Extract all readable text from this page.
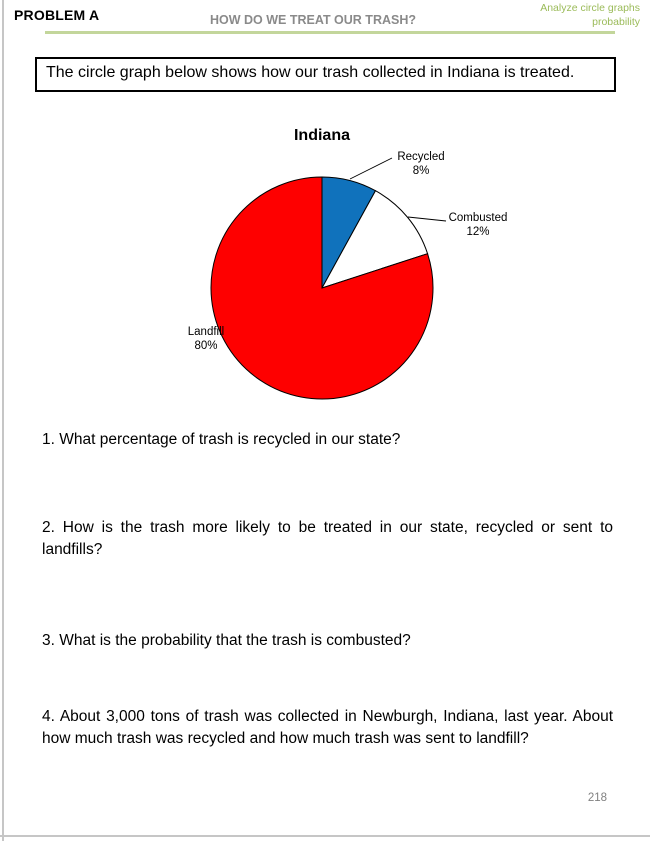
PROBLEM A	HOW DO WE TREAT OUR TRASH?
Analyze circle graphs
probability
The circle graph below shows how our trash collected in Indiana is treated.
Indiana
Recycled
8%
Combusted
12%
Landfill
80%
1. What percentage of trash is recycled in our state?
2. How is the trash more likely to be treated in our state, recycled or sent to landfills?
3. What is the probability that the trash is combusted?
4. About 3,000 tons of trash was collected in Newburgh, Indiana, last year. About how much trash was recycled and how much trash was sent to landfill?
218
